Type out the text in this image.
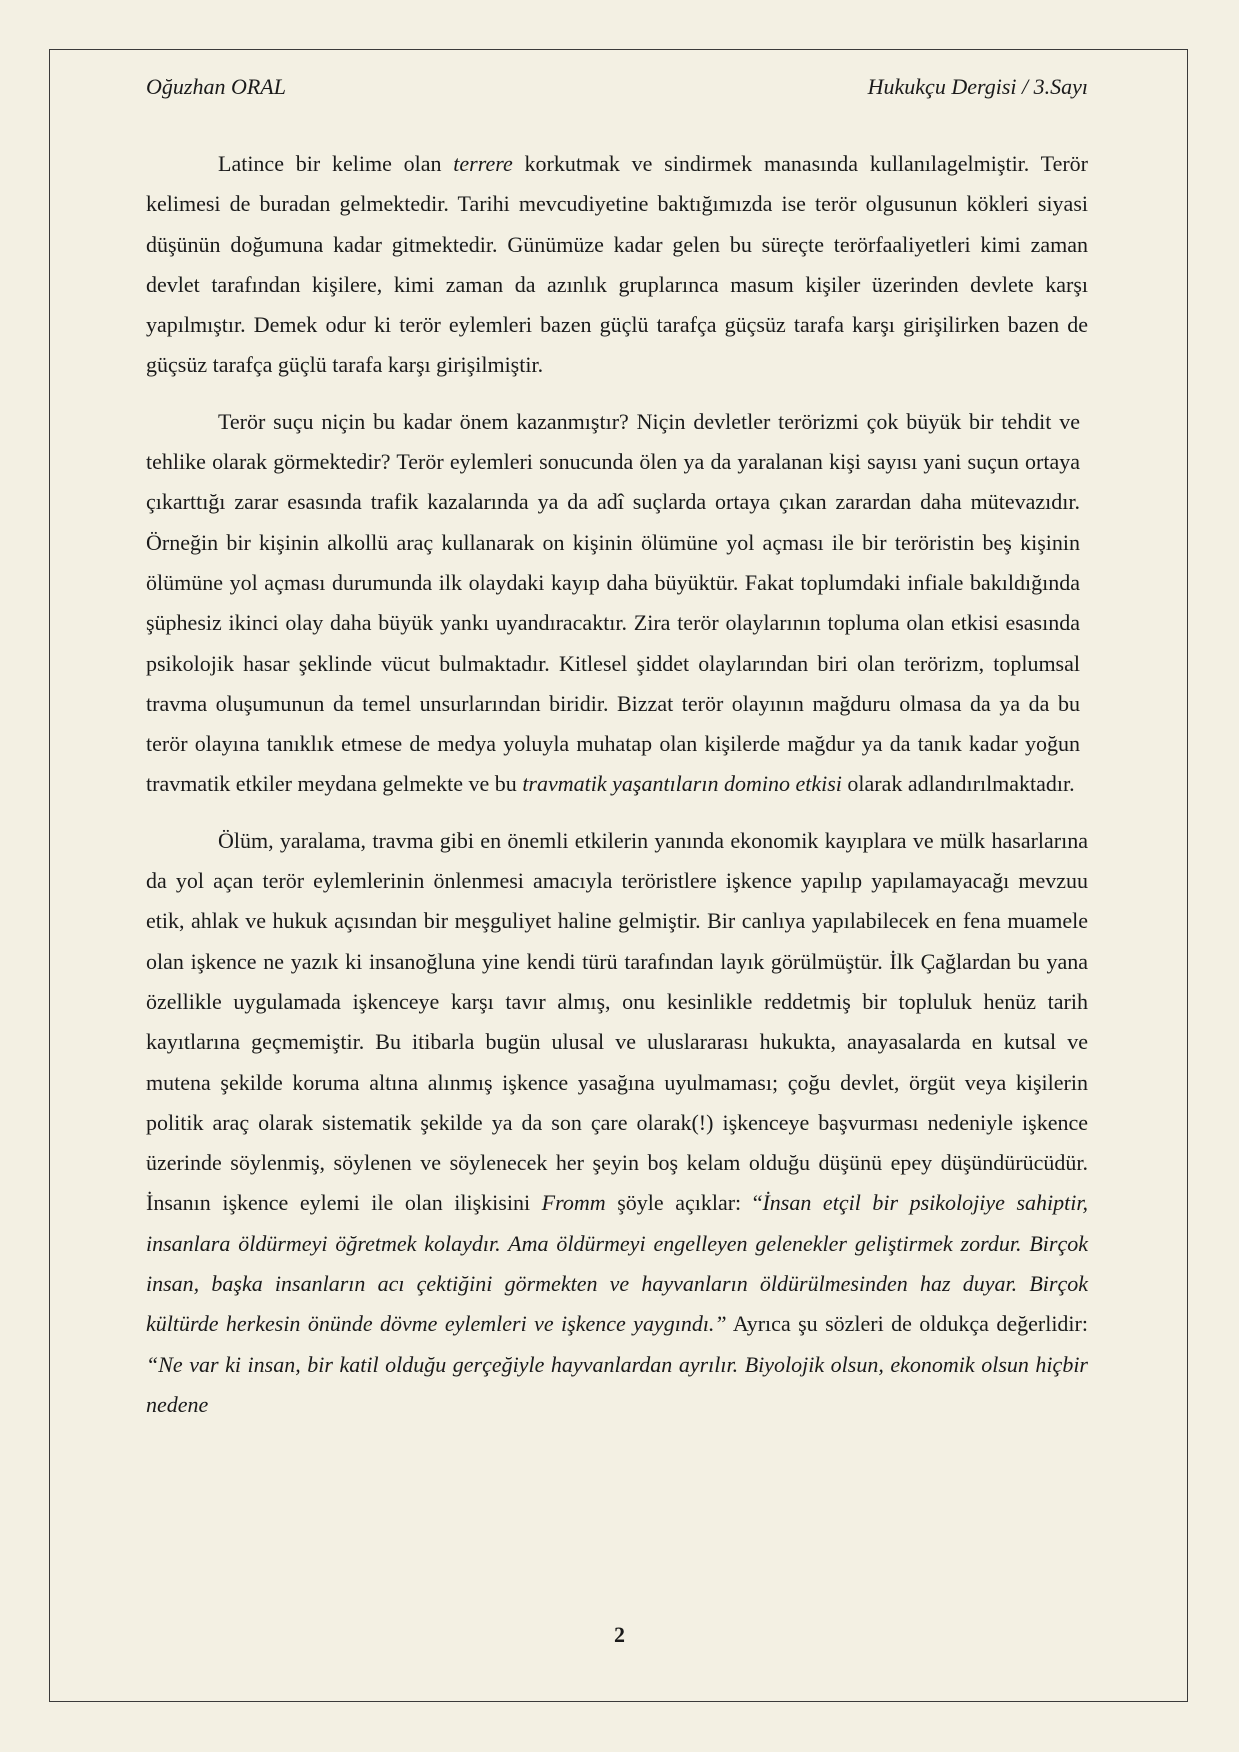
Oğuzhan ORAL	Hukukçu Dergisi / 3.Sayı

Latince bir kelime olan terrere korkutmak ve sindirmek manasında kullanılagelmiştir. Terör kelimesi de buradan gelmektedir. Tarihi mevcudiyetine baktığımızda ise terör olgusunun kökleri siyasi düşünün doğumuna kadar gitmektedir. Günümüze kadar gelen bu süreçte terörfaaliyetleri kimi zaman devlet tarafından kişilere, kimi zaman da azınlık gruplarınca masum kişiler üzerinden devlete karşı yapılmıştır. Demek odur ki terör eylemleri bazen güçlü tarafça güçsüz tarafa karşı girişilirken bazen de güçsüz tarafça güçlü tarafa karşı girişilmiştir.

Terör suçu niçin bu kadar önem kazanmıştır? Niçin devletler terörizmi çok büyük bir tehdit ve tehlike olarak görmektedir? Terör eylemleri sonucunda ölen ya da yaralanan kişi sayısı yani suçun ortaya çıkarttığı zarar esasında trafik kazalarında ya da adî suçlarda ortaya çıkan zarardan daha mütevazıdır. Örneğin bir kişinin alkollü araç kullanarak on kişinin ölümüne yol açması ile bir teröristin beş kişinin ölümüne yol açması durumunda ilk olaydaki kayıp daha büyüktür. Fakat toplumdaki infiale bakıldığında şüphesiz ikinci olay daha büyük yankı uyandıracaktır. Zira terör olaylarının topluma olan etkisi esasında psikolojik hasar şeklinde vücut bulmaktadır. Kitlesel şiddet olaylarından biri olan terörizm, toplumsal travma oluşumunun da temel unsurlarından biridir. Bizzat terör olayının mağduru olmasa da ya da bu terör olayına tanıklık etmese de medya yoluyla muhatap olan kişilerde mağdur ya da tanık kadar yoğun travmatik etkiler meydana gelmekte ve bu travmatik yaşantıların domino etkisi olarak adlandırılmaktadır.

Ölüm, yaralama, travma gibi en önemli etkilerin yanında ekonomik kayıplara ve mülk hasarlarına da yol açan terör eylemlerinin önlenmesi amacıyla teröristlere işkence yapılıp yapılamayacağı mevzuu etik, ahlak ve hukuk açısından bir meşguliyet haline gelmiştir. Bir canlıya yapılabilecek en fena muamele olan işkence ne yazık ki insanoğluna yine kendi türü tarafından layık görülmüştür. İlk Çağlardan bu yana özellikle uygulamada işkenceye karşı tavır almış, onu kesinlikle reddetmiş bir topluluk henüz tarih kayıtlarına geçmemiştir. Bu itibarla bugün ulusal ve uluslararası hukukta, anayasalarda en kutsal ve mutena şekilde koruma altına alınmış işkence yasağına uyulmaması; çoğu devlet, örgüt veya kişilerin politik araç olarak sistematik şekilde ya da son çare olarak(!) işkenceye başvurması nedeniyle işkence üzerinde söylenmiş, söylenen ve söylenecek her şeyin boş kelam olduğu düşünü epey düşündürücüdür. İnsanın işkence eylemi ile olan ilişkisini Fromm şöyle açıklar: “İnsan etçil bir psikolojiye sahiptir, insanlara öldürmeyi öğretmek kolaydır. Ama öldürmeyi engelleyen gelenekler geliştirmek zordur. Birçok insan, başka insanların acı çektiğini görmekten ve hayvanların öldürülmesinden haz duyar. Birçok kültürde herkesin önünde dövme eylemleri ve işkence yaygındı.” Ayrıca şu sözleri de oldukça değerlidir: “Ne var ki insan, bir katil olduğu gerçeğiyle hayvanlardan ayrılır. Biyolojik olsun, ekonomik olsun hiçbir nedene

2
